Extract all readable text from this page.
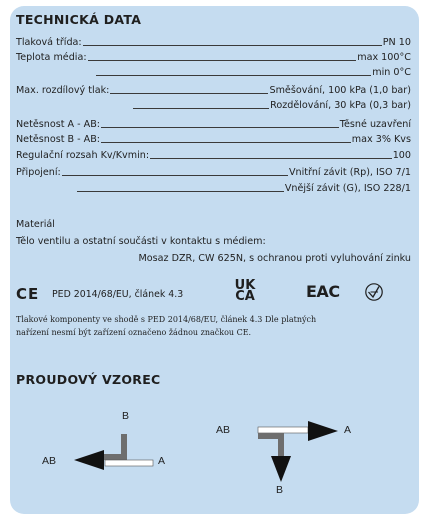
TECHNICKÁ DATA
Tlaková třída:	PN 10
Teplota média:	max 100°C
min 0°C
Max. rozdílový tlak:	Směšování, 100 kPa (1,0 bar)
Rozdělování, 30 kPa (0,3 bar)
Netěsnost A - AB:	Těsné uzavření
Netěsnost B - AB:	max 3% Kvs
Regulační rozsah Kv/Kvmin:	100
Připojení:	Vnitřní závit (Rp), ISO 7/1
Vnější závit (G), ISO 228/1
Materiál
Tělo ventilu a ostatní součásti v kontaktu s médiem:
Mosaz DZR, CW 625N, s ochranou proti vyluhování zinku
CE PED 2014/68/EU, článek 4.3
UK
CA	EAC
Tlakové komponenty ve shodě s PED 2014/68/EU, článek 4.3 Dle platných
nařízení nesmí být zařízení označeno žádnou značkou CE.
PROUDOVÝ VZOREC
B
AB	A
AB	A
B
